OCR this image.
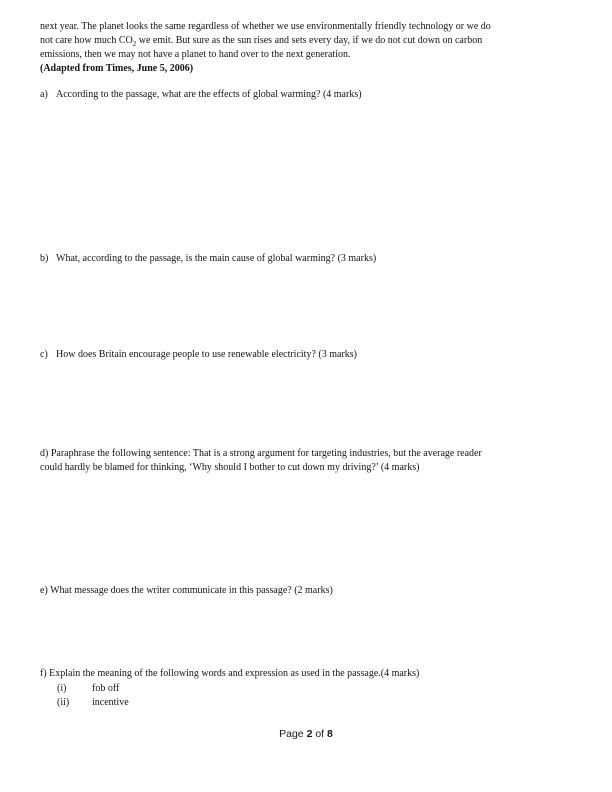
next year. The planet looks the same regardless of whether we use environmentally friendly technology or we do
not care how much $CO_2$ we emit. But sure as the sun rises and sets every day, if we do not cut down on carbon
emissions, then we may not have a planet to hand over to the next generation.
(Adapted from Times, June 5, 2006)
a) According to the passage, what are the effects of global warming? (4 marks)
b) What, according to the passage, is the main cause of global warming? (3 marks)
c) How does Britain encourage people to use renewable electricity? (3 marks)
d) Paraphrase the following sentence: That is a strong argument for targeting industries, but the average reader
could hardly be blamed for thinking, ‘Why should I bother to cut down my driving?’ (4 marks)
e) What message does the writer communicate in this passage? (2 marks)
f) Explain the meaning of the following words and expression as used in the passage.(4 marks)
(i)	fob off
(ii) incentive
Page 2 of 8
